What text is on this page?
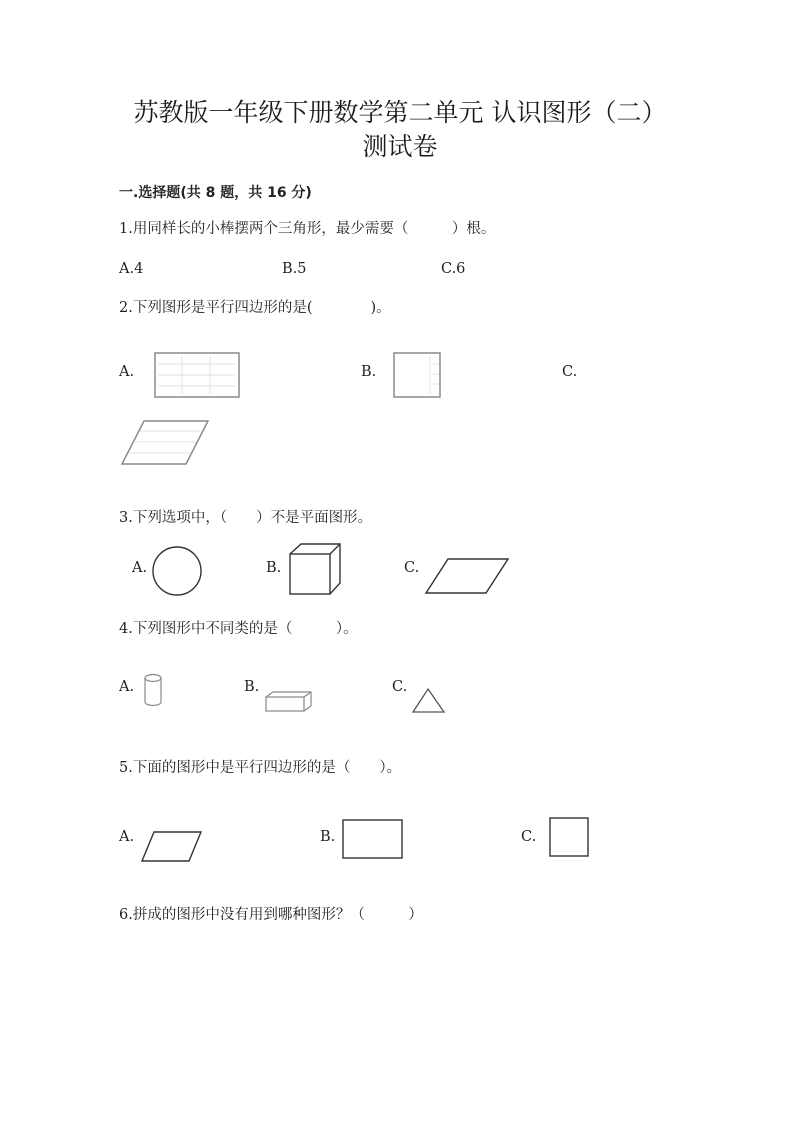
苏教版一年级下册数学第二单元 认识图形（二）
测试卷
一.选择题(共 8 题，共 16 分)
1.用同样长的小棒摆两个三角形，最少需要（　　　）根。
A.4	B.5	C.6
2.下列图形是平行四边形的是(　　　　)。
A.	B.	C.
3.下列选项中，（　　）不是平面图形。
A.	B.	C.
4.下列图形中不同类的是（　　　）。
A.	B.	C.
5.下面的图形中是平行四边形的是（　　）。
A.	B.	C.
6.拼成的图形中没有用到哪种图形？（　　　）
